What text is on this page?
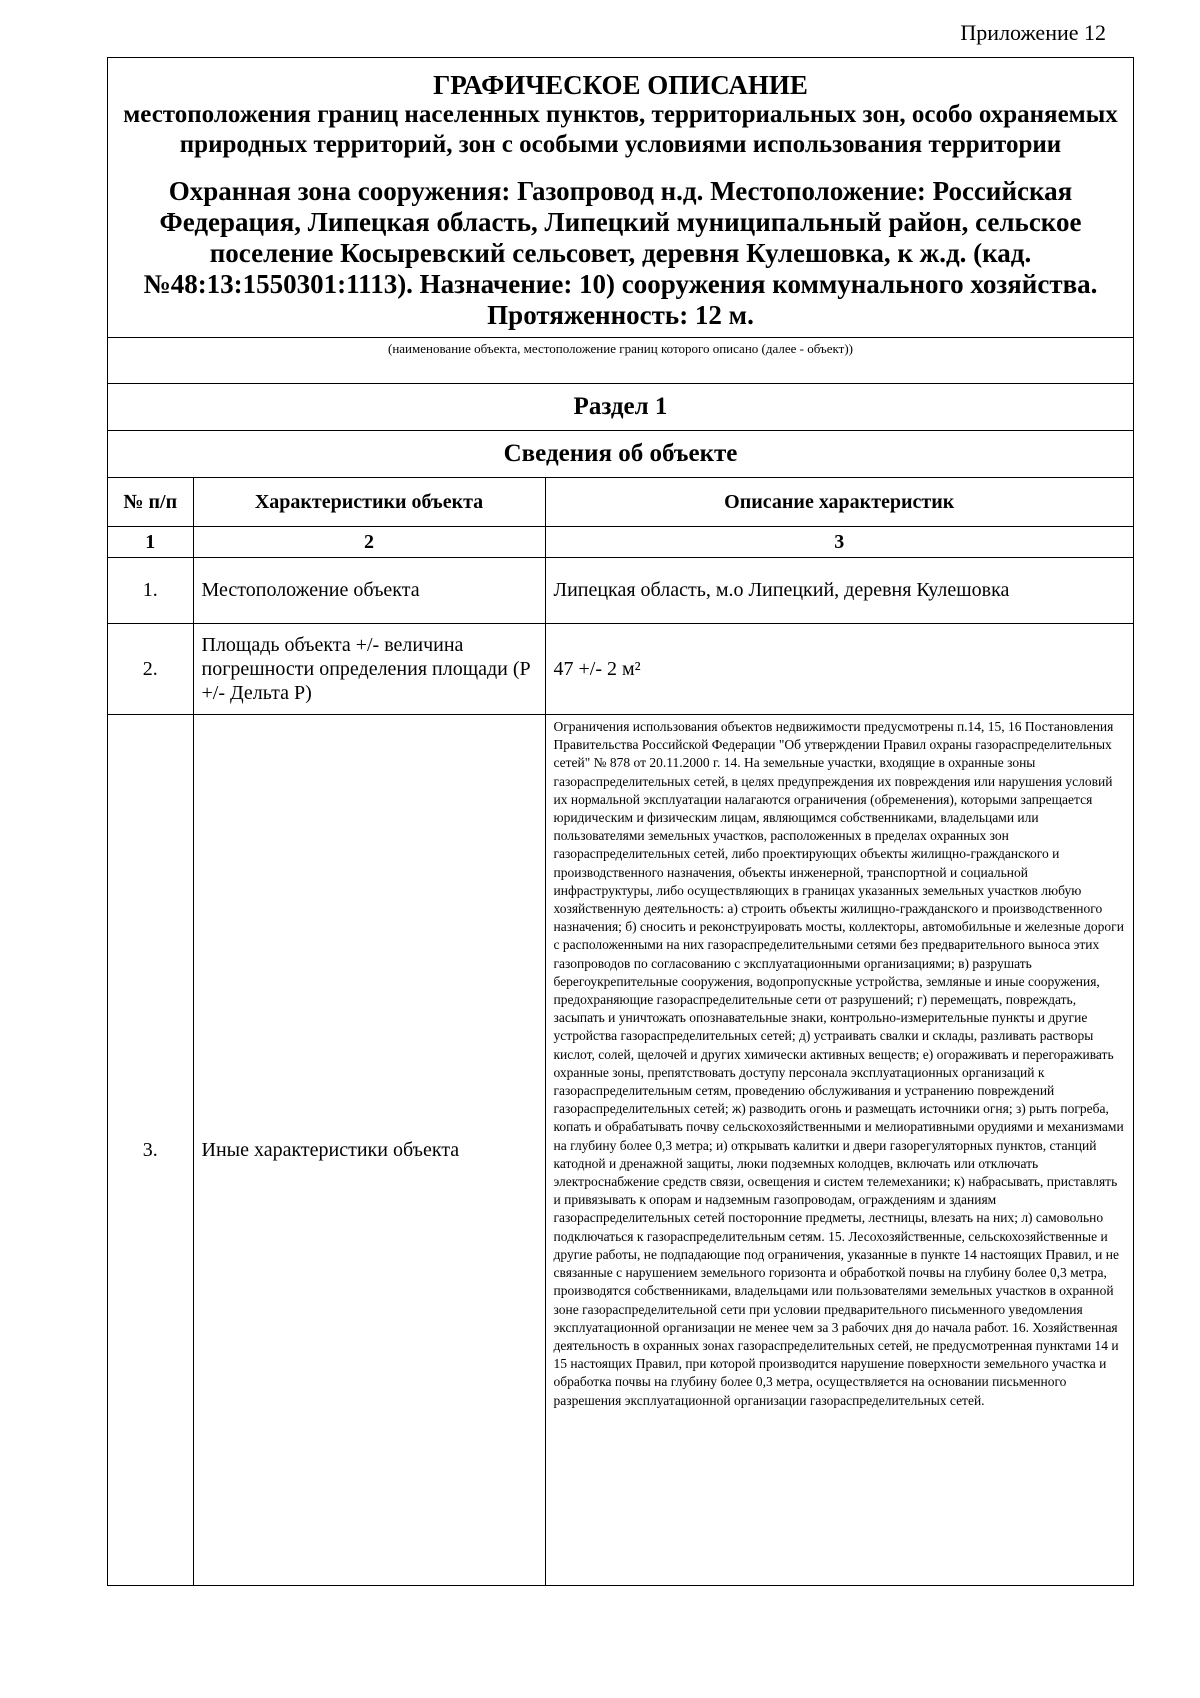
Приложение 12
ГРАФИЧЕСКОЕ ОПИСАНИЕ
местоположения границ населенных пунктов, территориальных зон, особо охраняемых природных территорий, зон с особыми условиями использования территории
Охранная зона сооружения: Газопровод н.д. Местоположение: Российская Федерация, Липецкая область, Липецкий муниципальный район, сельское поселение Косыревский сельсовет, деревня Кулешовка, к ж.д. (кад.№48:13:1550301:1113). Назначение: 10) сооружения коммунального хозяйства. Протяженность: 12 м.
(наименование объекта, местоположение границ которого описано (далее - объект))
Раздел 1
Сведения об объекте
№ п/п	Характеристики объекта	Описание характеристик
1	2	3
1.	Местоположение объекта	Липецкая область, м.о Липецкий, деревня Кулешовка
2.	Площадь объекта +/- величина погрешности определения площади (Р +/- Дельта Р)	47 +/- 2 м²
3.	Иные характеристики объекта	Ограничения использования объектов недвижимости предусмотрены п.14, 15, 16 Постановления Правительства Российской Федерации "Об утверждении Правил охраны газораспределительных сетей" № 878 от 20.11.2000 г. 14. На земельные участки, входящие в охранные зоны газораспределительных сетей, в целях предупреждения их повреждения или нарушения условий их нормальной эксплуатации налагаются ограничения (обременения), которыми запрещается юридическим и физическим лицам, являющимся собственниками, владельцами или пользователями земельных участков, расположенных в пределах охранных зон газораспределительных сетей, либо проектирующих объекты жилищно-гражданского и производственного назначения, объекты инженерной, транспортной и социальной инфраструктуры, либо осуществляющих в границах указанных земельных участков любую хозяйственную деятельность: а) строить объекты жилищно-гражданского и производственного назначения; б) сносить и реконструировать мосты, коллекторы, автомобильные и железные дороги с расположенными на них газораспределительными сетями без предварительного выноса этих газопроводов по согласованию с эксплуатационными организациями; в) разрушать берегоукрепительные сооружения, водопропускные устройства, земляные и иные сооружения, предохраняющие газораспределительные сети от разрушений; г) перемещать, повреждать, засыпать и уничтожать опознавательные знаки, контрольно-измерительные пункты и другие устройства газораспределительных сетей; д) устраивать свалки и склады, разливать растворы кислот, солей, щелочей и других химически активных веществ; е) огораживать и перегораживать охранные зоны, препятствовать доступу персонала эксплуатационных организаций к газораспределительным сетям, проведению обслуживания и устранению повреждений газораспределительных сетей; ж) разводить огонь и размещать источники огня; з) рыть погреба, копать и обрабатывать почву сельскохозяйственными и мелиоративными орудиями и механизмами на глубину более 0,3 метра; и) открывать калитки и двери газорегуляторных пунктов, станций катодной и дренажной защиты, люки подземных колодцев, включать или отключать электроснабжение средств связи, освещения и систем телемеханики; к) набрасывать, приставлять и привязывать к опорам и надземным газопроводам, ограждениям и зданиям газораспределительных сетей посторонние предметы, лестницы, влезать на них; л) самовольно подключаться к газораспределительным сетям. 15. Лесохозяйственные, сельскохозяйственные и другие работы, не подпадающие под ограничения, указанные в пункте 14 настоящих Правил, и не связанные с нарушением земельного горизонта и обработкой почвы на глубину более 0,3 метра, производятся собственниками, владельцами или пользователями земельных участков в охранной зоне газораспределительной сети при условии предварительного письменного уведомления эксплуатационной организации не менее чем за 3 рабочих дня до начала работ. 16. Хозяйственная деятельность в охранных зонах газораспределительных сетей, не предусмотренная пунктами 14 и 15 настоящих Правил, при которой производится нарушение поверхности земельного участка и обработка почвы на глубину более 0,3 метра, осуществляется на основании письменного разрешения эксплуатационной организации газораспределительных сетей.
